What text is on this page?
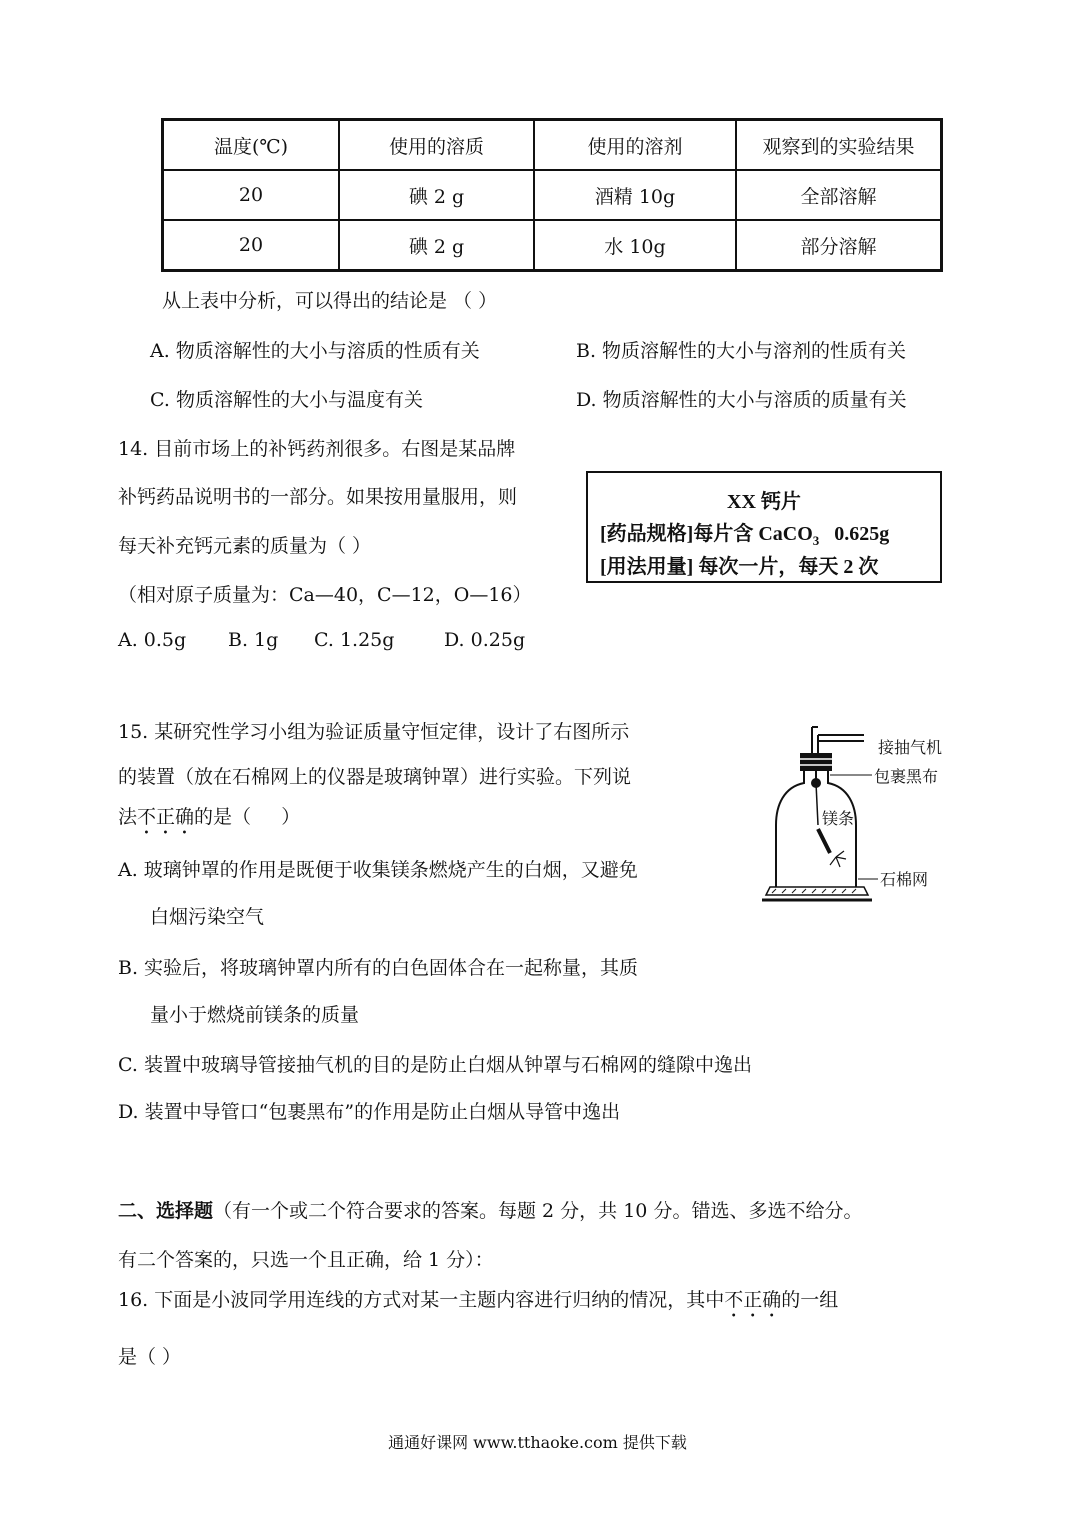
温度(℃)	使用的溶质	使用的溶剂	观察到的实验结果
20	碘 2 g	酒精 10g	全部溶解
20	碘 2 g	水 10g	部分溶解
从上表中分析，可以得出的结论是 （ ）
A. 物质溶解性的大小与溶质的性质有关	B. 物质溶解性的大小与溶剂的性质有关
C. 物质溶解性的大小与温度有关	D. 物质溶解性的大小与溶质的质量有关
14. 目前市场上的补钙药剂很多。右图是某品牌
补钙药品说明书的一部分。如果按用量服用，则
每天补充钙元素的质量为（ ）
（相对原子质量为：Ca—40，C—12，O—16）
A. 0.5g B. 1g C. 1.25g	D. 0.25g
XX 钙片
[药品规格]每片含 CaCO$_3$   0.625g
[用法用量] 每次一片，每天 2 次
15. 某研究性学习小组为验证质量守恒定律，设计了右图所示
的装置（放在石棉网上的仪器是玻璃钟罩）进行实验。下列说
法不正确的是（     ）
A. 玻璃钟罩的作用是既便于收集镁条燃烧产生的白烟，又避免
白烟污染空气
B. 实验后，将玻璃钟罩内所有的白色固体合在一起称量，其质
量小于燃烧前镁条的质量
C. 装置中玻璃导管接抽气机的目的是防止白烟从钟罩与石棉网的缝隙中逸出
D. 装置中导管口“包裹黑布”的作用是防止白烟从导管中逸出
接抽气机
包裹黑布
镁条
石棉网
二、选择题（有一个或二个符合要求的答案。每题 2 分，共 10 分。错选、多选不给分。
有二个答案的，只选一个且正确，给 1 分）：
16. 下面是小波同学用连线的方式对某一主题内容进行归纳的情况，其中不正确的一组
是（ ）
通通好课网 www.tthaoke.com 提供下载
